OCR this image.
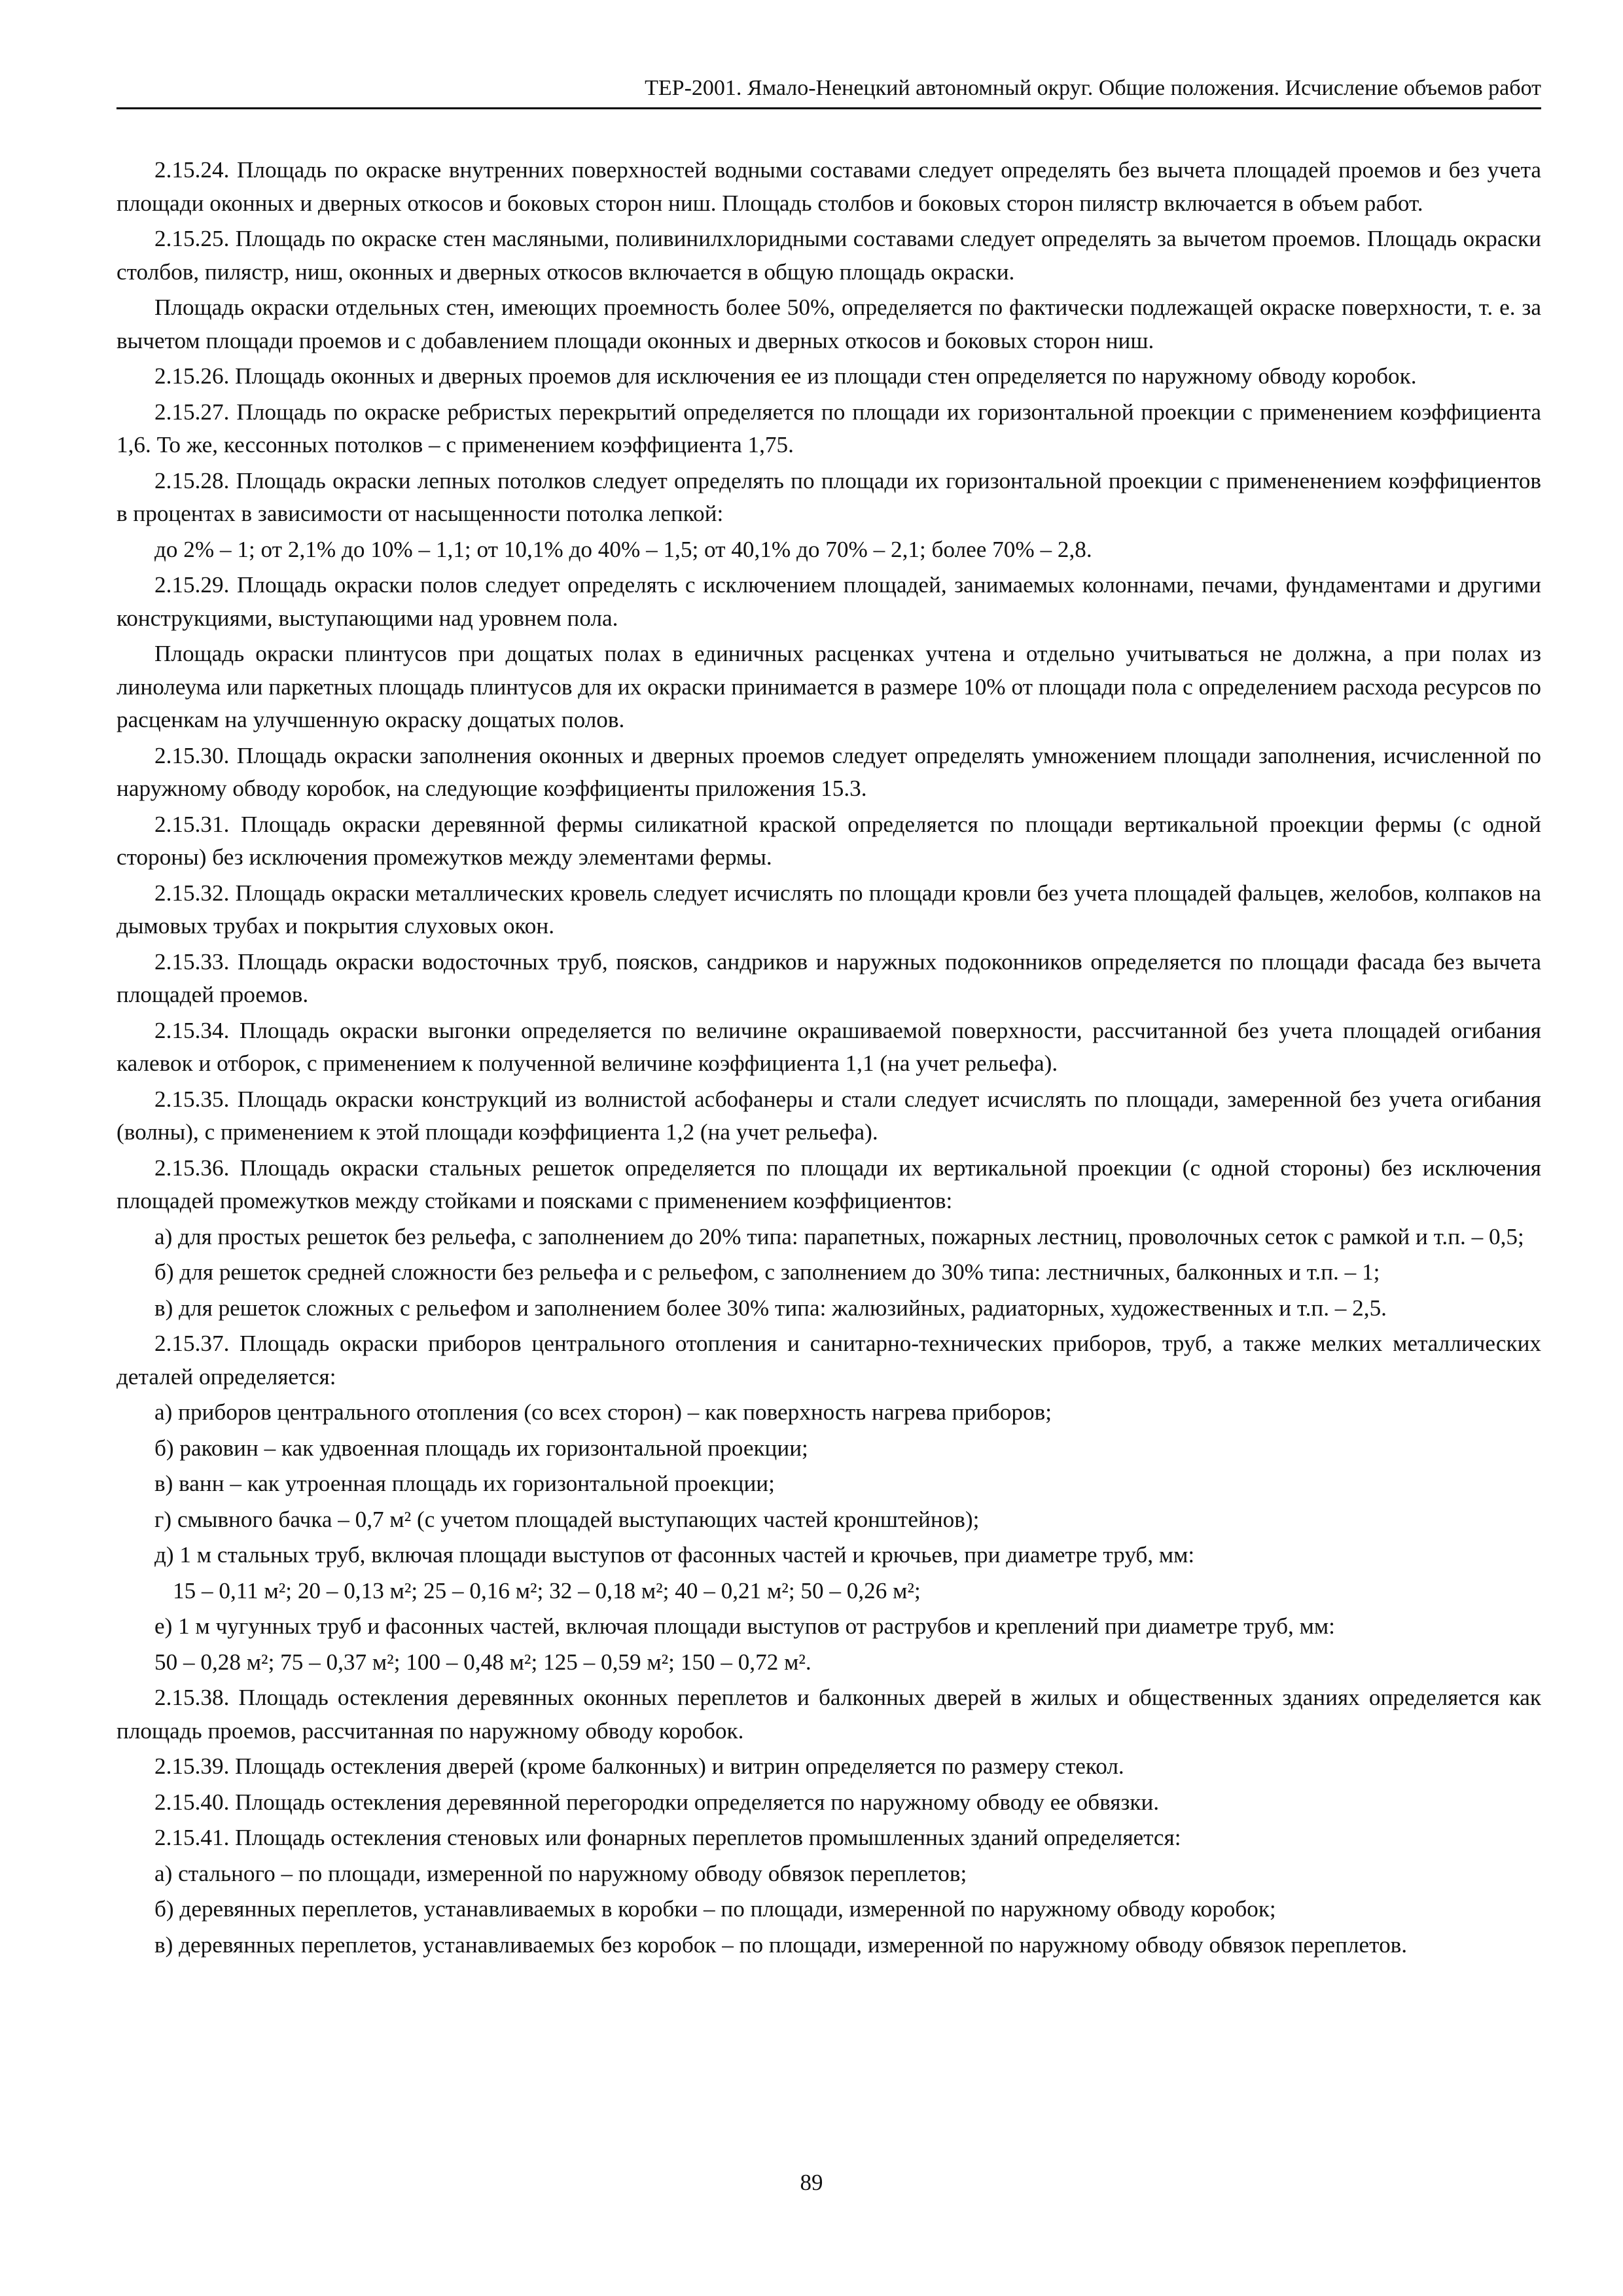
ТЕР-2001. Ямало-Ненецкий автономный округ. Общие положения. Исчисление объемов работ

2.15.24. Площадь по окраске внутренних поверхностей водными составами следует определять без вычета площадей проемов и без учета площади оконных и дверных откосов и боковых сторон ниш. Площадь столбов и боковых сторон пилястр включается в объем работ.

2.15.25. Площадь по окраске стен масляными, поливинилхлоридными составами следует определять за вычетом проемов. Площадь окраски столбов, пилястр, ниш, оконных и дверных откосов включается в общую площадь окраски.

Площадь окраски отдельных стен, имеющих проемность более 50%, определяется по фактически подлежащей окраске поверхности, т. е. за вычетом площади проемов и с добавлением площади оконных и дверных откосов и боковых сторон ниш.

2.15.26. Площадь оконных и дверных проемов для исключения ее из площади стен определяется по наружному обводу коробок.

2.15.27. Площадь по окраске ребристых перекрытий определяется по площади их горизонтальной проекции с применением коэффициента 1,6. То же, кессонных потолков – с применением коэффициента 1,75.

2.15.28. Площадь окраски лепных потолков следует определять по площади их горизонтальной проекции с примененением коэффициентов в процентах в зависимости от насыщенности потолка лепкой:

до 2% – 1; от 2,1% до 10% – 1,1; от 10,1% до 40% – 1,5; от 40,1% до 70% – 2,1; более 70% – 2,8.

2.15.29. Площадь окраски полов следует определять с исключением площадей, занимаемых колоннами, печами, фундаментами и другими конструкциями, выступающими над уровнем пола.

Площадь окраски плинтусов при дощатых полах в единичных расценках учтена и отдельно учитываться не должна, а при полах из линолеума или паркетных площадь плинтусов для их окраски принимается в размере 10% от площади пола с определением расхода ресурсов по расценкам на улучшенную окраску дощатых полов.

2.15.30. Площадь окраски заполнения оконных и дверных проемов следует определять умножением площади заполнения, исчисленной по наружному обводу коробок, на следующие коэффициенты приложения 15.3.

2.15.31. Площадь окраски деревянной фермы силикатной краской определяется по площади вертикальной проекции фермы (с одной стороны) без исключения промежутков между элементами фермы.

2.15.32. Площадь окраски металлических кровель следует исчислять по площади кровли без учета площадей фальцев, желобов, колпаков на дымовых трубах и покрытия слуховых окон.

2.15.33. Площадь окраски водосточных труб, поясков, сандриков и наружных подоконников определяется по площади фасада без вычета площадей проемов.

2.15.34. Площадь окраски выгонки определяется по величине окрашиваемой поверхности, рассчитанной без учета площадей огибания калевок и отборок, с применением к полученной величине коэффициента 1,1 (на учет рельефа).

2.15.35. Площадь окраски конструкций из волнистой асбофанеры и стали следует исчислять по площади, замеренной без учета огибания (волны), с применением к этой площади коэффициента 1,2 (на учет рельефа).

2.15.36. Площадь окраски стальных решеток определяется по площади их вертикальной проекции (с одной стороны) без исключения площадей промежутков между стойками и поясками с применением коэффициентов:

а) для простых решеток без рельефа, с заполнением до 20% типа: парапетных, пожарных лестниц, проволочных сеток с рамкой и т.п. – 0,5;

б) для решеток средней сложности без рельефа и с рельефом, с заполнением до 30% типа: лестничных, балконных и т.п. – 1;

в) для решеток сложных с рельефом и заполнением более 30% типа: жалюзийных, радиаторных, художественных и т.п. – 2,5.

2.15.37. Площадь окраски приборов центрального отопления и санитарно-технических приборов, труб, а также мелких металлических деталей определяется:

а) приборов центрального отопления (со всех сторон) – как поверхность нагрева приборов;

б) раковин – как удвоенная площадь их горизонтальной проекции;

в) ванн – как утроенная площадь их горизонтальной проекции;

г) смывного бачка – 0,7 м² (с учетом площадей выступающих частей кронштейнов);

д) 1 м стальных труб, включая площади выступов от фасонных частей и крючьев, при диаметре труб, мм:

15 – 0,11 м²; 20 – 0,13 м²; 25 – 0,16 м²; 32 – 0,18 м²; 40 – 0,21 м²; 50 – 0,26 м²;

е) 1 м чугунных труб и фасонных частей, включая площади выступов от раструбов и креплений при диаметре труб, мм:

50 – 0,28 м²; 75 – 0,37 м²; 100 – 0,48 м²; 125 – 0,59 м²; 150 – 0,72 м².

2.15.38. Площадь остекления деревянных оконных переплетов и балконных дверей в жилых и общественных зданиях определяется как площадь проемов, рассчитанная по наружному обводу коробок.

2.15.39. Площадь остекления дверей (кроме балконных) и витрин определяется по размеру стекол.

2.15.40. Площадь остекления деревянной перегородки определяется по наружному обводу ее обвязки.

2.15.41. Площадь остекления стеновых или фонарных переплетов промышленных зданий определяется:

а) стального – по площади, измеренной по наружному обводу обвязок переплетов;

б) деревянных переплетов, устанавливаемых в коробки – по площади, измеренной по наружному обводу коробок;

в) деревянных переплетов, устанавливаемых без коробок – по площади, измеренной по наружному обводу обвязок переплетов.

89
